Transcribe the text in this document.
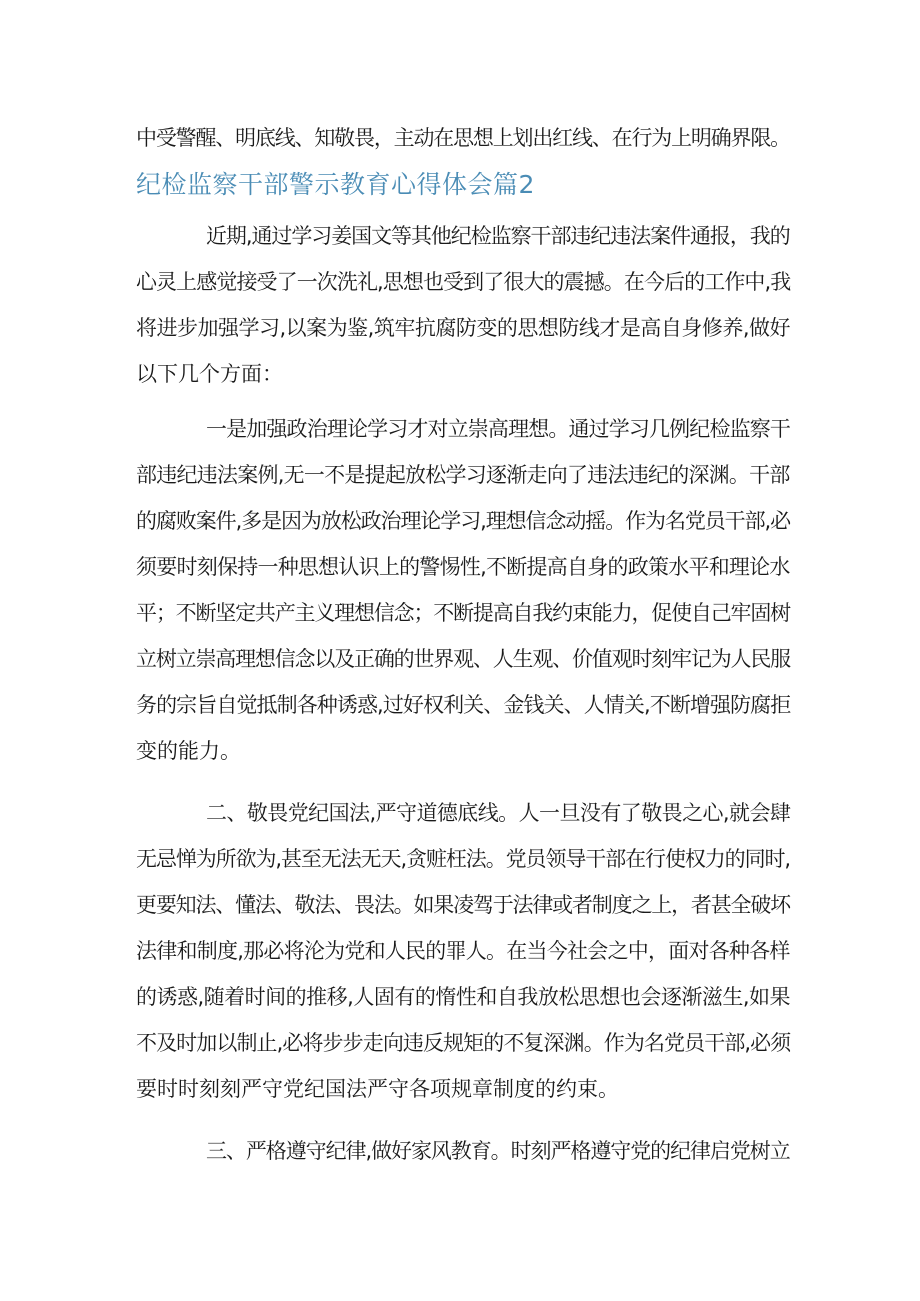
中受警醒、明底线、知敬畏，主动在思想上划出红线、在行为上明确界限。
纪检监察干部警示教育心得体会篇2
近期,通过学习姜国文等其他纪检监察干部违纪违法案件通报，我的
心灵上感觉接受了一次洗礼,思想也受到了很大的震撼。在今后的工作中,我
将进步加强学习,以案为鉴,筑牢抗腐防变的思想防线才是高自身修养,做好
以下几个方面：
一是加强政治理论学习才对立崇高理想。通过学习几例纪检监察干
部违纪违法案例,无一不是提起放松学习逐渐走向了违法违纪的深渊。干部
的腐败案件,多是因为放松政治理论学习,理想信念动摇。作为名党员干部,必
须要时刻保持一种思想认识上的警惕性,不断提高自身的政策水平和理论水
平；不断坚定共产主义理想信念；不断提高自我约束能力，促使自己牢固树
立树立崇高理想信念以及正确的世界观、人生观、价值观时刻牢记为人民服
务的宗旨自觉抵制各种诱惑,过好权利关、金钱关、人情关,不断增强防腐拒
变的能力。
二、敬畏党纪国法,严守道德底线。人一旦没有了敬畏之心,就会肆
无忌惮为所欲为,甚至无法无天,贪赃枉法。党员领导干部在行使权力的同时,
更要知法、懂法、敬法、畏法。如果凌驾于法律或者制度之上，者甚全破坏
法律和制度,那必将沦为党和人民的罪人。在当今社会之中，面对各种各样
的诱惑,随着时间的推移,人固有的惰性和自我放松思想也会逐渐滋生,如果
不及时加以制止,必将步步走向违反规矩的不复深渊。作为名党员干部,必须
要时时刻刻严守党纪国法严守各项规章制度的约束。
三、严格遵守纪律,做好家风教育。时刻严格遵守党的纪律启党树立
